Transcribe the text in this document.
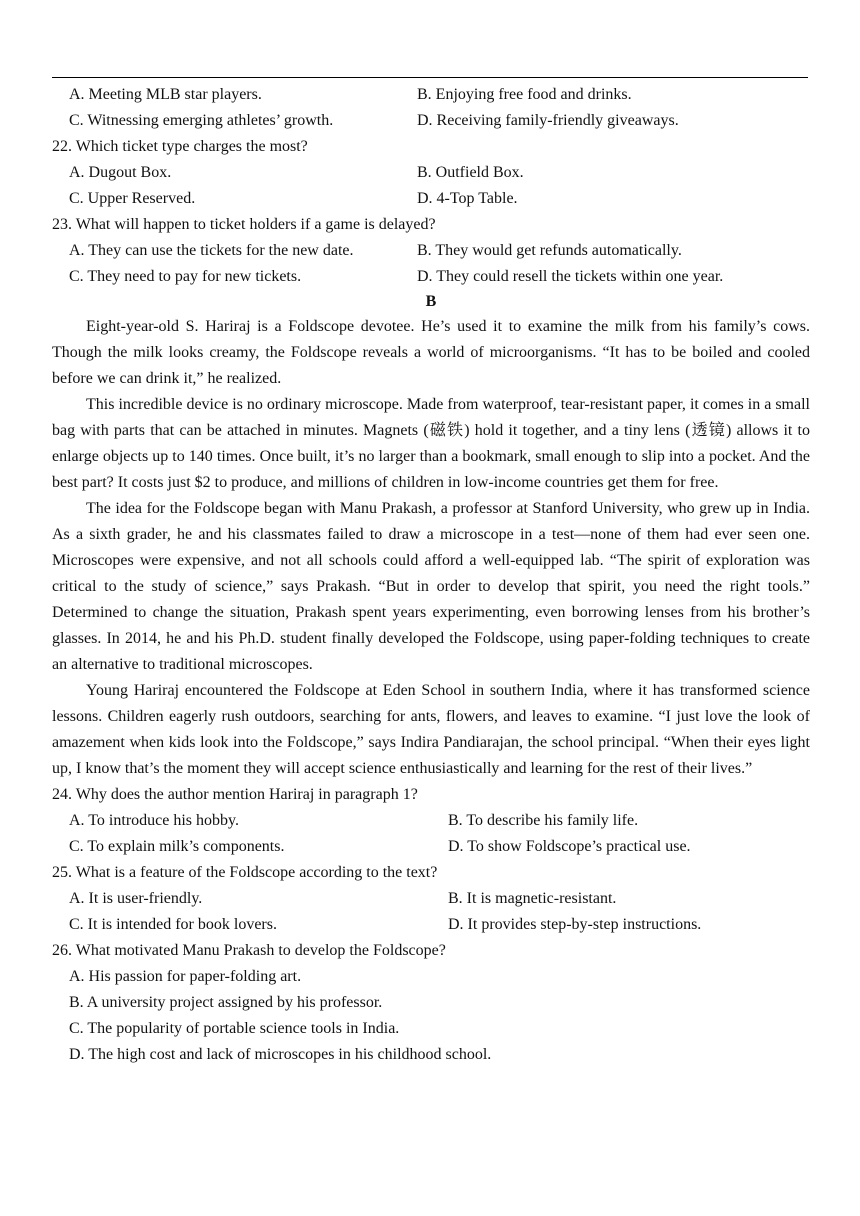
A. Meeting MLB star players.	B. Enjoying free food and drinks.
C. Witnessing emerging athletes’ growth.	D. Receiving family-friendly giveaways.
22. Which ticket type charges the most?
A. Dugout Box.	B. Outfield Box.
C. Upper Reserved.	D. 4-Top Table.
23. What will happen to ticket holders if a game is delayed?
A. They can use the tickets for the new date.	B. They would get refunds automatically.
C. They need to pay for new tickets.	D. They could resell the tickets within one year.
B

Eight-year-old S. Hariraj is a Foldscope devotee. He’s used it to examine the milk from his family’s cows. Though the milk looks creamy, the Foldscope reveals a world of microorganisms. “It has to be boiled and cooled before we can drink it,” he realized.

This incredible device is no ordinary microscope. Made from waterproof, tear-resistant paper, it comes in a small bag with parts that can be attached in minutes. Magnets (磁铁) hold it together, and a tiny lens (透镜) allows it to enlarge objects up to 140 times. Once built, it’s no larger than a bookmark, small enough to slip into a pocket. And the best part? It costs just $2 to produce, and millions of children in low-income countries get them for free.

The idea for the Foldscope began with Manu Prakash, a professor at Stanford University, who grew up in India. As a sixth grader, he and his classmates failed to draw a microscope in a test—none of them had ever seen one. Microscopes were expensive, and not all schools could afford a well-equipped lab. “The spirit of exploration was critical to the study of science,” says Prakash. “But in order to develop that spirit, you need the right tools.” Determined to change the situation, Prakash spent years experimenting, even borrowing lenses from his brother’s glasses. In 2014, he and his Ph.D. student finally developed the Foldscope, using paper-folding techniques to create an alternative to traditional microscopes.

Young Hariraj encountered the Foldscope at Eden School in southern India, where it has transformed science lessons. Children eagerly rush outdoors, searching for ants, flowers, and leaves to examine. “I just love the look of amazement when kids look into the Foldscope,” says Indira Pandiarajan, the school principal. “When their eyes light up, I know that’s the moment they will accept science enthusiastically and learning for the rest of their lives.”

24. Why does the author mention Hariraj in paragraph 1?
A. To introduce his hobby.	B. To describe his family life.
C. To explain milk’s components.	D. To show Foldscope’s practical use.
25. What is a feature of the Foldscope according to the text?
A. It is user-friendly.	B. It is magnetic-resistant.
C. It is intended for book lovers.	D. It provides step-by-step instructions.
26. What motivated Manu Prakash to develop the Foldscope?
A. His passion for paper-folding art.
B. A university project assigned by his professor.
C. The popularity of portable science tools in India.
D. The high cost and lack of microscopes in his childhood school.
